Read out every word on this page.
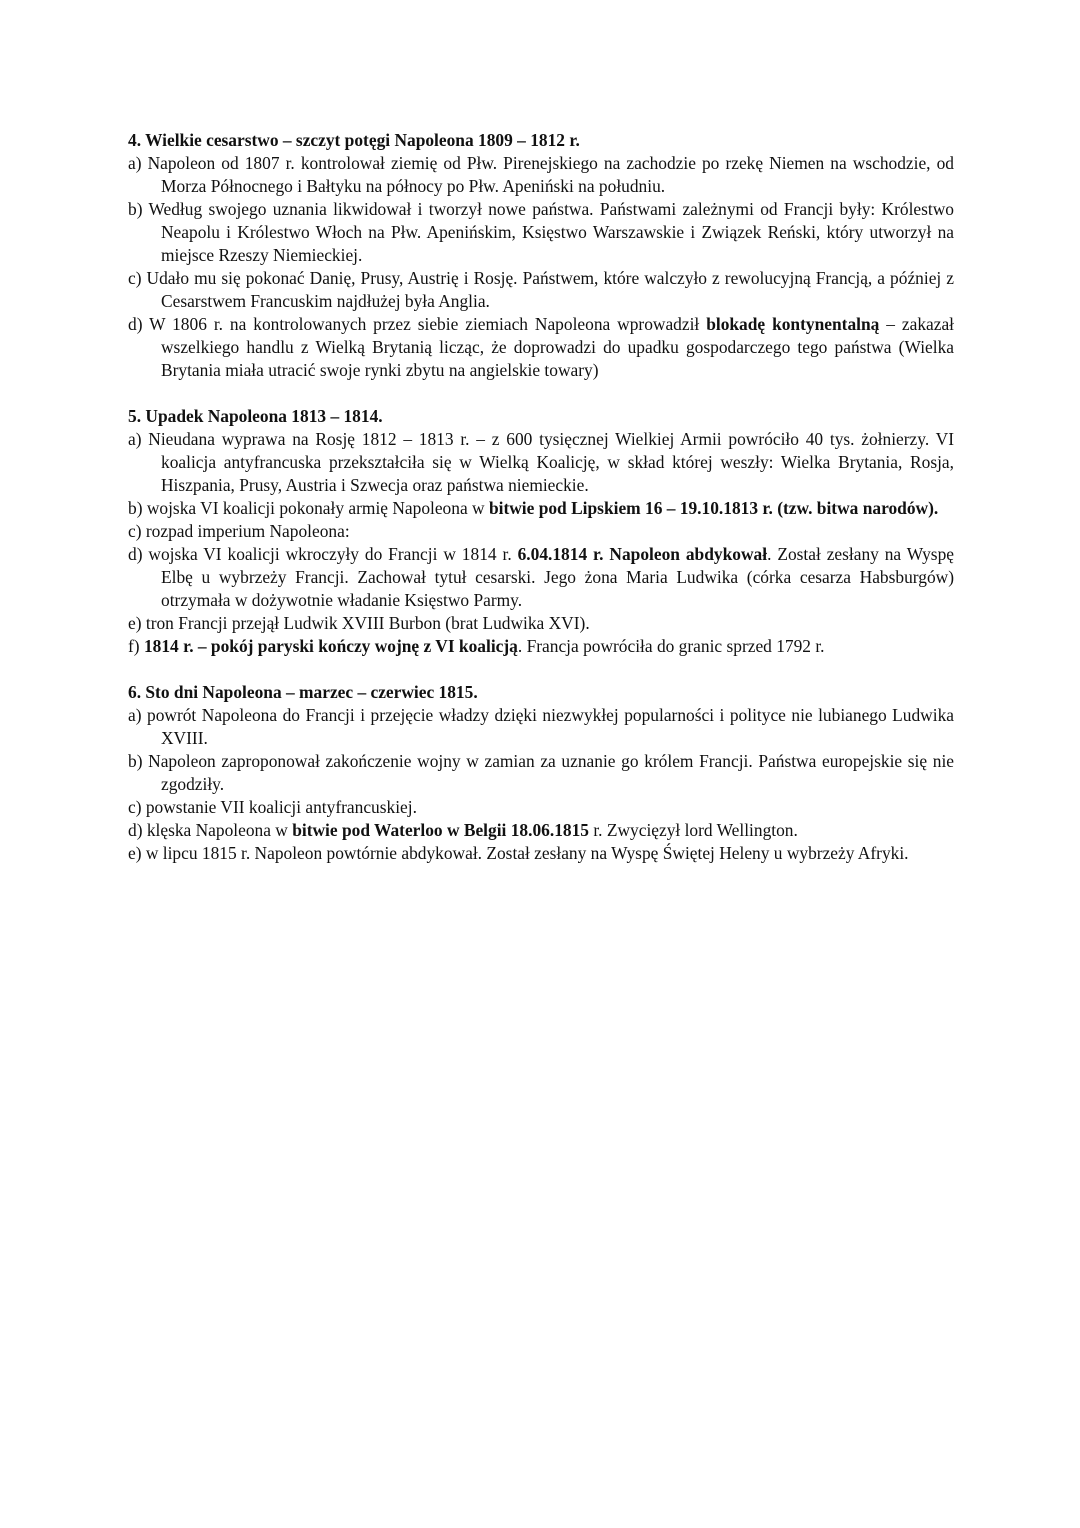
4. Wielkie cesarstwo – szczyt potęgi Napoleona 1809 – 1812 r.
a) Napoleon od 1807 r. kontrolował ziemię od Płw. Pirenejskiego na zachodzie po rzekę Niemen na wschodzie, od Morza Północnego i Bałtyku na północy po Płw. Apeniński na południu.
b) Według swojego uznania likwidował i tworzył nowe państwa. Państwami zależnymi od Francji były: Królestwo Neapolu i Królestwo Włoch na Płw. Apenińskim, Księstwo Warszawskie i Związek Reński, który utworzył na miejsce Rzeszy Niemieckiej.
c) Udało mu się pokonać Danię, Prusy, Austrię i Rosję. Państwem, które walczyło z rewolucyjną Francją, a później z Cesarstwem Francuskim najdłużej była Anglia.
d) W 1806 r. na kontrolowanych przez siebie ziemiach Napoleona wprowadził blokadę kontynentalną – zakazał wszelkiego handlu z Wielką Brytanią licząc, że doprowadzi do upadku gospodarczego tego państwa (Wielka Brytania miała utracić swoje rynki zbytu na angielskie towary)
5. Upadek Napoleona 1813 – 1814.
a) Nieudana wyprawa na Rosję 1812 – 1813 r. – z 600 tysięcznej Wielkiej Armii powróciło 40 tys. żołnierzy. VI koalicja antyfrancuska przekształciła się w Wielką Koalicję, w skład której weszły: Wielka Brytania, Rosja, Hiszpania, Prusy, Austria i Szwecja oraz państwa niemieckie.
b) wojska VI koalicji pokonały armię Napoleona w bitwie pod Lipskiem 16 – 19.10.1813 r. (tzw. bitwa narodów).
c) rozpad imperium Napoleona:
d) wojska VI koalicji wkroczyły do Francji w 1814 r. 6.04.1814 r. Napoleon abdykował. Został zesłany na Wyspę Elbę u wybrzeży Francji. Zachował tytuł cesarski. Jego żona Maria Ludwika (córka cesarza Habsburgów) otrzymała w dożywotnie władanie Księstwo Parmy.
e) tron Francji przejął Ludwik XVIII Burbon (brat Ludwika XVI).
f) 1814 r. – pokój paryski kończy wojnę z VI koalicją. Francja powróciła do granic sprzed 1792 r.
6. Sto dni Napoleona – marzec – czerwiec 1815.
a) powrót Napoleona do Francji i przejęcie władzy dzięki niezwykłej popularności i polityce nie lubianego Ludwika XVIII.
b) Napoleon zaproponował zakończenie wojny w zamian za uznanie go królem Francji. Państwa europejskie się nie zgodziły.
c) powstanie VII koalicji antyfrancuskiej.
d) klęska Napoleona w bitwie pod Waterloo w Belgii 18.06.1815 r. Zwycięzył lord Wellington.
e) w lipcu 1815 r. Napoleon powtórnie abdykował. Został zesłany na Wyspę Świętej Heleny u wybrzeży Afryki.
